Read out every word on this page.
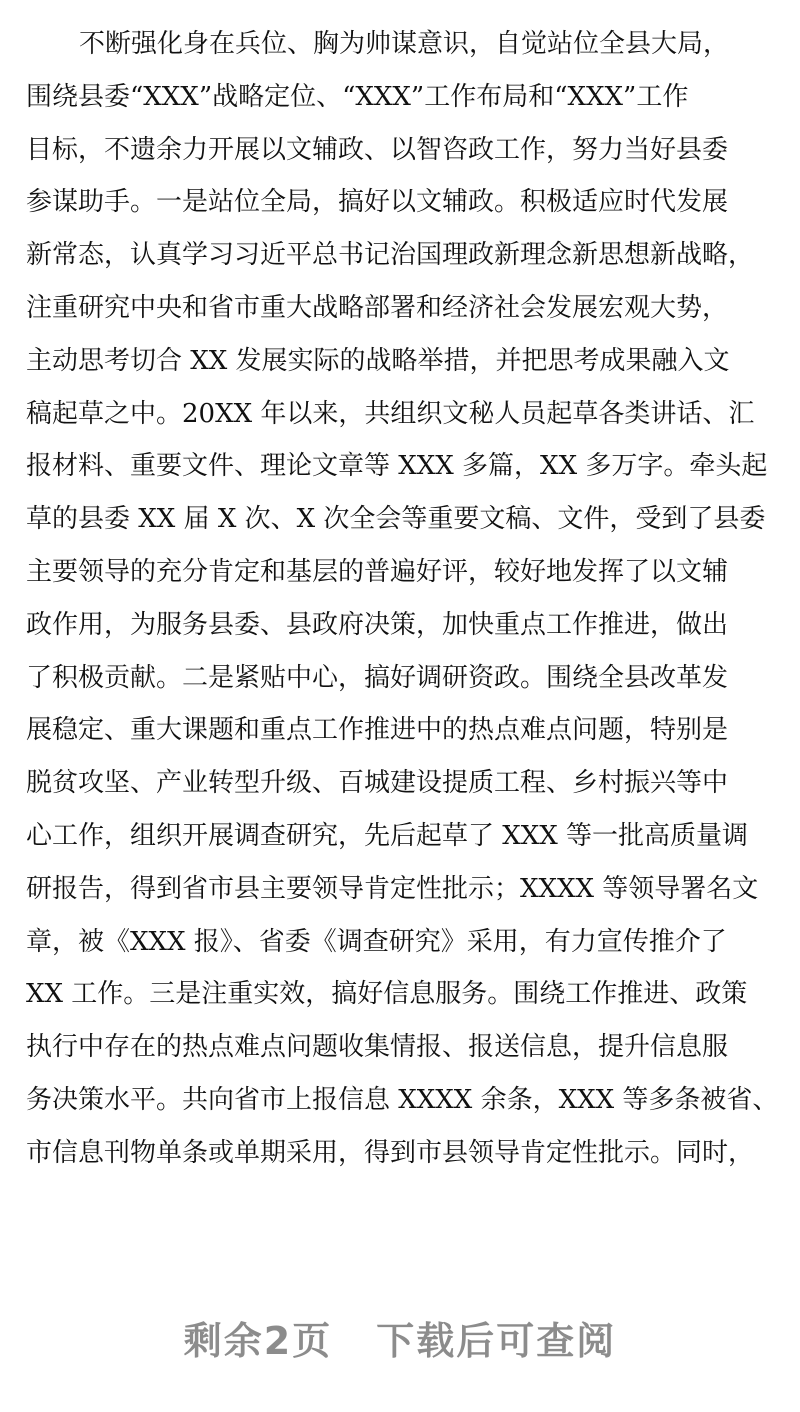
不断强化身在兵位、胸为帅谋意识，自觉站位全县大局，
围绕县委“XXX”战略定位、“XXX”工作布局和“XXX”工作
目标，不遗余力开展以文辅政、以智咨政工作，努力当好县委
参谋助手。一是站位全局，搞好以文辅政。积极适应时代发展
新常态，认真学习习近平总书记治国理政新理念新思想新战略，
注重研究中央和省市重大战略部署和经济社会发展宏观大势，
主动思考切合 XX 发展实际的战略举措，并把思考成果融入文
稿起草之中。20XX 年以来，共组织文秘人员起草各类讲话、汇
报材料、重要文件、理论文章等 XXX 多篇，XX 多万字。牵头起
草的县委 XX 届 X 次、X 次全会等重要文稿、文件，受到了县委
主要领导的充分肯定和基层的普遍好评，较好地发挥了以文辅
政作用，为服务县委、县政府决策，加快重点工作推进，做出
了积极贡献。二是紧贴中心，搞好调研资政。围绕全县改革发
展稳定、重大课题和重点工作推进中的热点难点问题，特别是
脱贫攻坚、产业转型升级、百城建设提质工程、乡村振兴等中
心工作，组织开展调查研究，先后起草了 XXX 等一批高质量调
研报告，得到省市县主要领导肯定性批示；XXXX 等领导署名文
章，被《XXX 报》、省委《调查研究》采用，有力宣传推介了
XX 工作。三是注重实效，搞好信息服务。围绕工作推进、政策
执行中存在的热点难点问题收集情报、报送信息，提升信息服
务决策水平。共向省市上报信息 XXXX 余条，XXX 等多条被省、
市信息刊物单条或单期采用，得到市县领导肯定性批示。同时，
剩余2页 下载后可查阅
